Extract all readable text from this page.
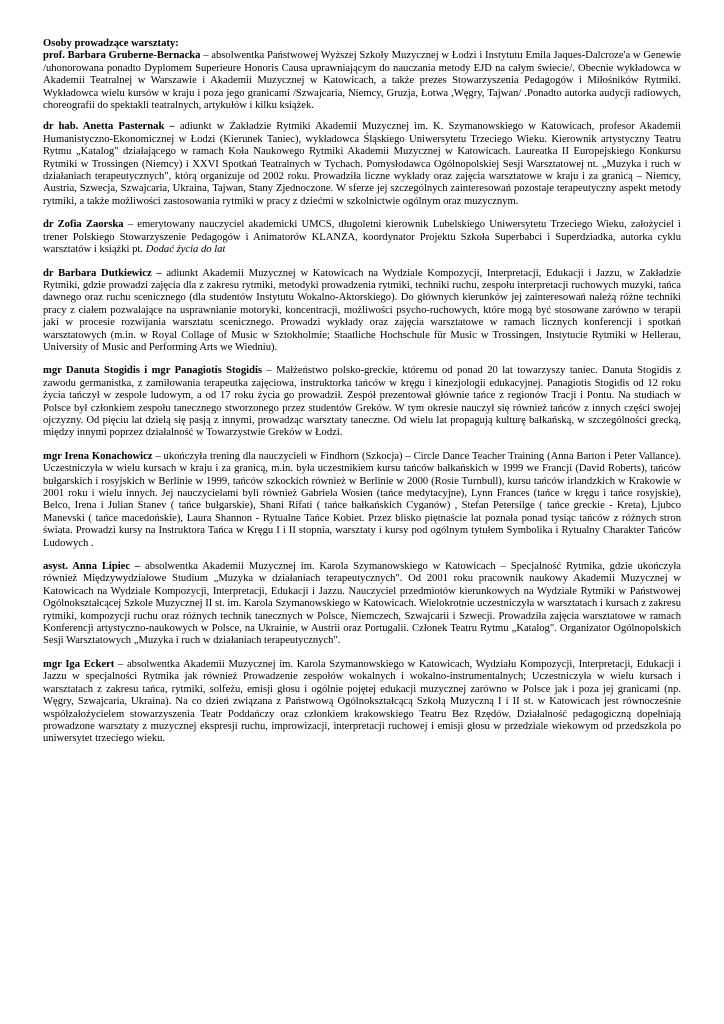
Osoby prowadzące warsztaty:

prof. Barbara Gruberne-Bernacka – absolwentka Państwowej Wyższej Szkoły Muzycznej w Łodzi i Instytutu Emila Jaques-Dalcroze'a w Genewie /uhonorowana ponadto Dyplomem Superieure Honoris Causa uprawniającym do nauczania metody EJD na całym świecie/. Obecnie wykładowca w Akademii Teatralnej w Warszawie i Akademii Muzycznej w Katowicach, a także prezes Stowarzyszenia Pedagogów i Miłośników Rytmiki. Wykładowca wielu kursów w kraju i poza jego granicami /Szwajcaria, Niemcy, Gruzja, Łotwa ,Węgry, Tajwan/ .Ponadto autorka audycji radiowych, choreografii do spektakli teatralnych, artykułów i kilku książek.

dr hab. Anetta Pasternak – adiunkt w Zakładzie Rytmiki Akademii Muzycznej im. K. Szymanowskiego w Katowicach, profesor Akademii Humanistyczno-Ekonomicznej w Łodzi (Kierunek Taniec), wykładowca Śląskiego Uniwersytetu Trzeciego Wieku. Kierownik artystyczny Teatru Rytmu „Katalog" działającego w ramach Koła Naukowego Rytmiki Akademii Muzycznej w Katowicach. Laureatka II Europejskiego Konkursu Rytmiki w Trossingen (Niemcy) i XXVI Spotkań Teatralnych w Tychach. Pomysłodawca Ogólnopolskiej Sesji Warsztatowej nt. „Muzyka i ruch w działaniach terapeutycznych", którą organizuje od 2002 roku. Prowadziła liczne wykłady oraz zajęcia warsztatowe w kraju i za granicą – Niemcy, Austria, Szwecja, Szwajcaria, Ukraina, Tajwan, Stany Zjednoczone. W sferze jej szczególnych zainteresowań pozostaje terapeutyczny aspekt metody rytmiki, a także możliwości zastosowania rytmiki w pracy z dziećmi w szkolnictwie ogólnym oraz muzycznym.

dr Zofia Zaorska – emerytowany nauczyciel akademicki UMCS, długoletni kierownik Lubelskiego Uniwersytetu Trzeciego Wieku, założyciel i trener Polskiego Stowarzyszenie Pedagogów i Animatorów KLANZA, koordynator Projektu Szkoła Superbabci i Superdziadka, autorka cyklu warsztatów i książki pt. Dodać życia do lat

dr Barbara Dutkiewicz – adiunkt Akademii Muzycznej w Katowicach na Wydziale Kompozycji, Interpretacji, Edukacji i Jazzu, w Zakładzie Rytmiki, gdzie prowadzi zajęcia dla z zakresu rytmiki, metodyki prowadzenia rytmiki, techniki ruchu, zespołu interpretacji ruchowych muzyki, tańca dawnego oraz ruchu scenicznego (dla studentów Instytutu Wokalno-Aktorskiego). Do głównych kierunków jej zainteresowań należą różne techniki pracy z ciałem pozwalające na usprawnianie motoryki, koncentracji, możliwości psycho-ruchowych, które mogą być stosowane zarówno w terapii jaki w procesie rozwijania warsztatu scenicznego. Prowadzi wykłady oraz zajęcia warsztatowe w ramach licznych konferencji i spotkań warsztatowych (m.in. w Royal Collage of Music w Sztokholmie; Staatliche Hochschule für Music w Trossingen, Instytucie Rytmiki w Hellerau, University of Music and Performing Arts we Wiedniu).

mgr Danuta Stogidis i mgr Panagiotis Stogidis – Małżeństwo polsko-greckie, któremu od ponad 20 lat towarzyszy taniec. Danuta Stogidis z zawodu germanistka, z zamiłowania terapeutka zajęciowa, instruktorka tańców w kręgu i kinezjologii edukacyjnej. Panagiotis Stogidis od 12 roku życia tańczył w zespole ludowym, a od 17 roku życia go prowadził. Zespół prezentował głównie tańce z regionów Tracji i Pontu. Na studiach w Polsce był członkiem zespołu tanecznego stworzonego przez studentów Greków. W tym okresie nauczył się również tańców z innych części swojej ojczyzny. Od pięciu lat dzielą się pasją z innymi, prowadząc warsztaty taneczne. Od wielu lat propagują kulturę bałkańską, w szczególności grecką, między innymi poprzez działalność w Towarzystwie Greków w Łodzi.

mgr Irena Konachowicz – ukończyła trening dla nauczycieli w Findhorn (Szkocja) – Circle Dance Teacher Training (Anna Barton i Peter Vallance). Uczestniczyła w wielu kursach w kraju i za granicą, m.in. była uczestnikiem kursu tańców bałkańskich w 1999 we Francji (David Roberts), tańców bułgarskich i rosyjskich w Berlinie w 1999, tańców szkockich również w Berlinie w 2000 (Rosie Turnbull), kursu tańców irlandzkich w Krakowie w 2001 roku i wielu innych. Jej nauczycielami byli również Gabriela Wosien (tańce medytacyjne), Lynn Frances (tańce w kręgu i tańce rosyjskie), Belco, Irena i Julian Stanev ( tańce bułgarskie), Shani Rifati ( tańce bałkańskich Cyganów) , Stefan Petersilge ( tańce greckie - Kreta), Ljubco Manevski ( tańce macedońskie), Laura Shannon - Rytualne Tańce Kobiet. Przez blisko piętnaście lat poznała ponad tysiąc tańców z różnych stron świata. Prowadzi kursy na Instruktora Tańca w Kręgu I i II stopnia, warsztaty i kursy pod ogólnym tytułem Symbolika i Rytualny Charakter Tańców Ludowych .

asyst. Anna Lipiec – absolwentka Akademii Muzycznej im. Karola Szymanowskiego w Katowicach – Specjalność Rytmika, gdzie ukończyła również Międzywydziałowe Studium „Muzyka w działaniach terapeutycznych". Od 2001 roku pracownik naukowy Akademii Muzycznej w Katowicach na Wydziale Kompozycji, Interpretacji, Edukacji i Jazzu. Nauczyciel przedmiotów kierunkowych na Wydziale Rytmiki w Państwowej Ogólnokształcącej Szkole Muzycznej II st. im. Karola Szymanowskiego w Katowicach. Wielokrotnie uczestniczyła w warsztatach i kursach z zakresu rytmiki, kompozycji ruchu oraz różnych technik tanecznych w Polsce, Niemczech, Szwajcarii i Szwecji. Prowadziła zajęcia warsztatowe w ramach Konferencji artystyczno-naukowych w Polsce, na Ukrainie, w Austrii oraz Portugalii. Członek Teatru Rytmu „Katalog". Organizator Ogólnopolskich Sesji Warsztatowych „Muzyka i ruch w działaniach terapeutycznych".

mgr Iga Eckert – absolwentka Akademii Muzycznej im. Karola Szymanowskiego w Katowicach, Wydziału Kompozycji, Interpretacji, Edukacji i Jazzu w specjalności Rytmika jak również Prowadzenie zespołów wokalnych i wokalno-instrumentalnych; Uczestniczyła w wielu kursach i warsztatach z zakresu tańca, rytmiki, solfeżu, emisji głosu i ogólnie pojętej edukacji muzycznej zarówno w Polsce jak i poza jej granicami (np. Węgry, Szwajcaria, Ukraina). Na co dzień związana z Państwową Ogólnokształcącą Szkołą Muzyczną I i II st. w Katowicach jest równocześnie współzałożycielem stowarzyszenia Teatr Poddańczy oraz członkiem krakowskiego Teatru Bez Rzędów. Działalność pedagogiczną dopełniają prowadzone warsztaty z muzycznej ekspresji ruchu, improwizacji, interpretacji ruchowej i emisji głosu w przedziale wiekowym od przedszkola po uniwersytet trzeciego wieku.
